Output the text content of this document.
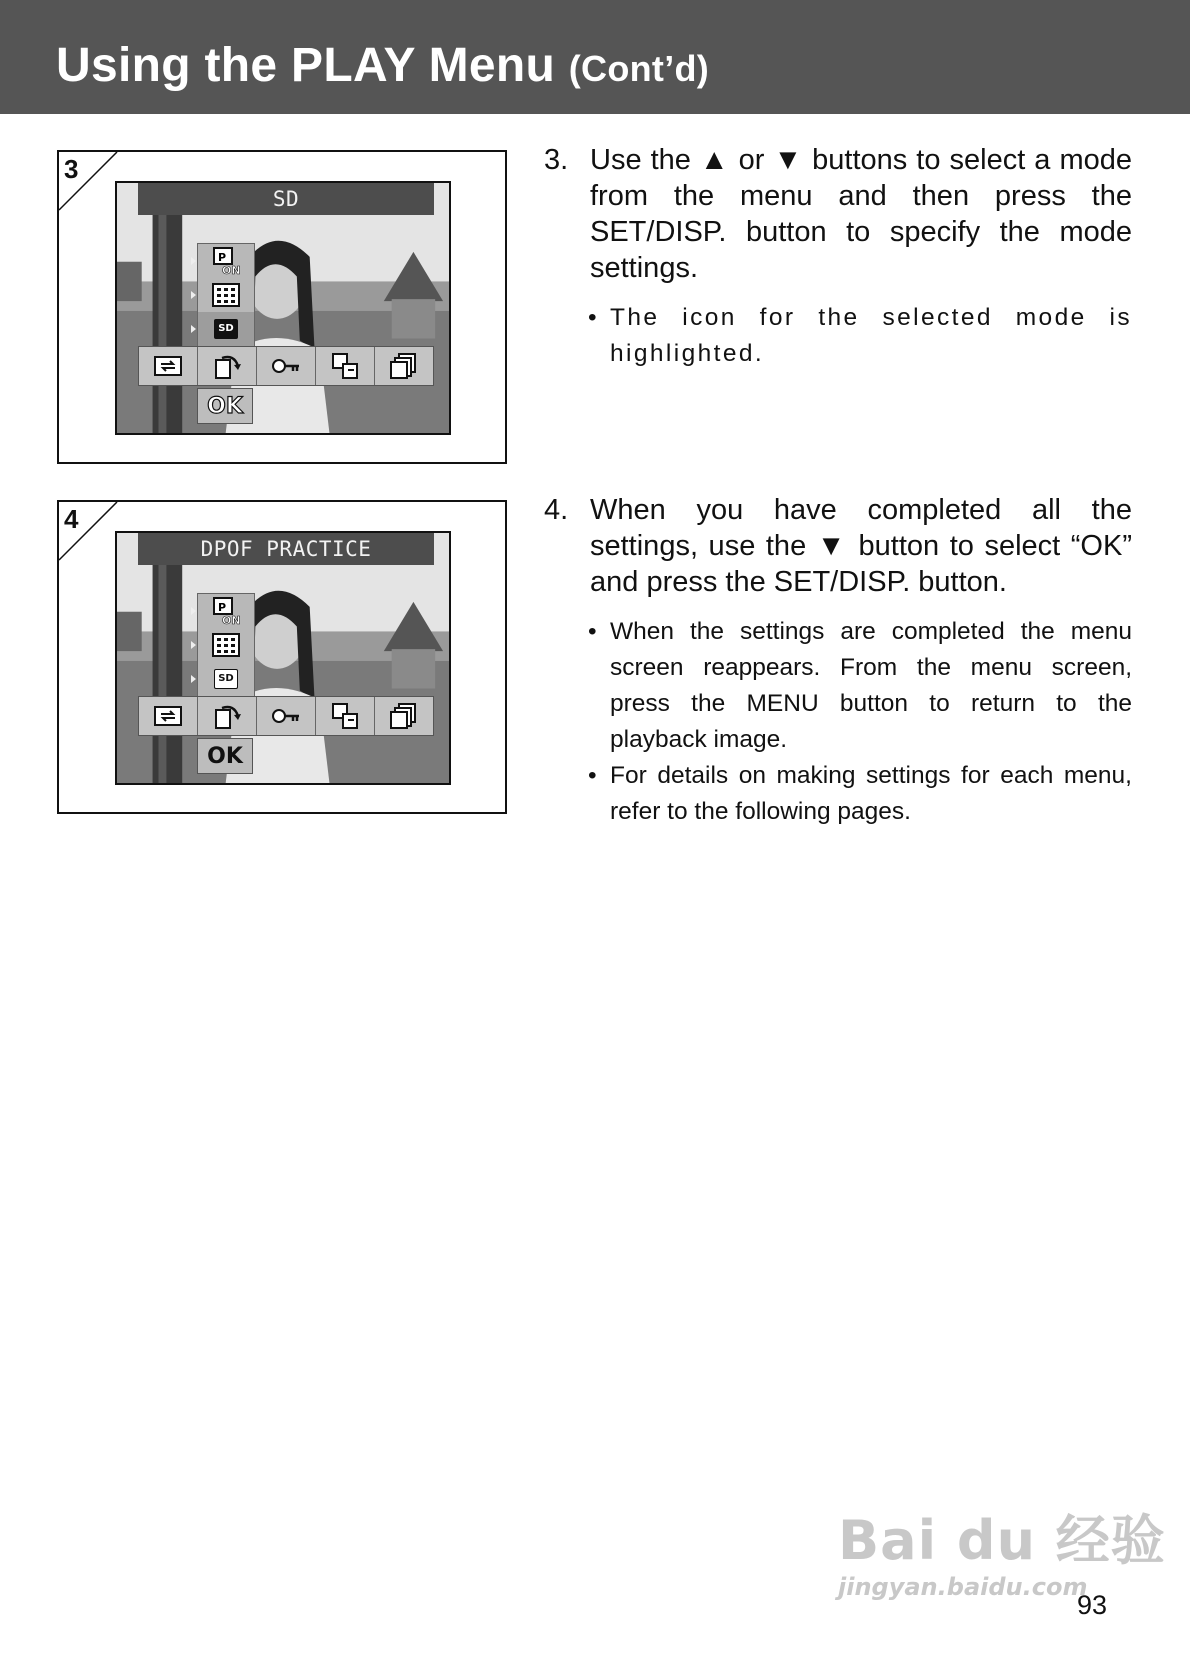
Using the PLAY Menu (Cont’d)
3
SD
P
ON
SD
OK
4
DPOF PRACTICE
P
ON
SD
OK
3. Use the ▲ or ▼ buttons to select a mode from the menu and then press the SET/DISP. button to specify the mode settings.
• The icon for the selected mode is highlighted.
4. When you have completed all the settings, use the ▼ button to select “OK” and press the SET/DISP. button.
• When the settings are completed the menu screen reappears. From the menu screen, press the MENU button to return to the playback image.
• For details on making settings for each menu, refer to the following pages.
Bai du 经验
jingyan.baidu.com
93
